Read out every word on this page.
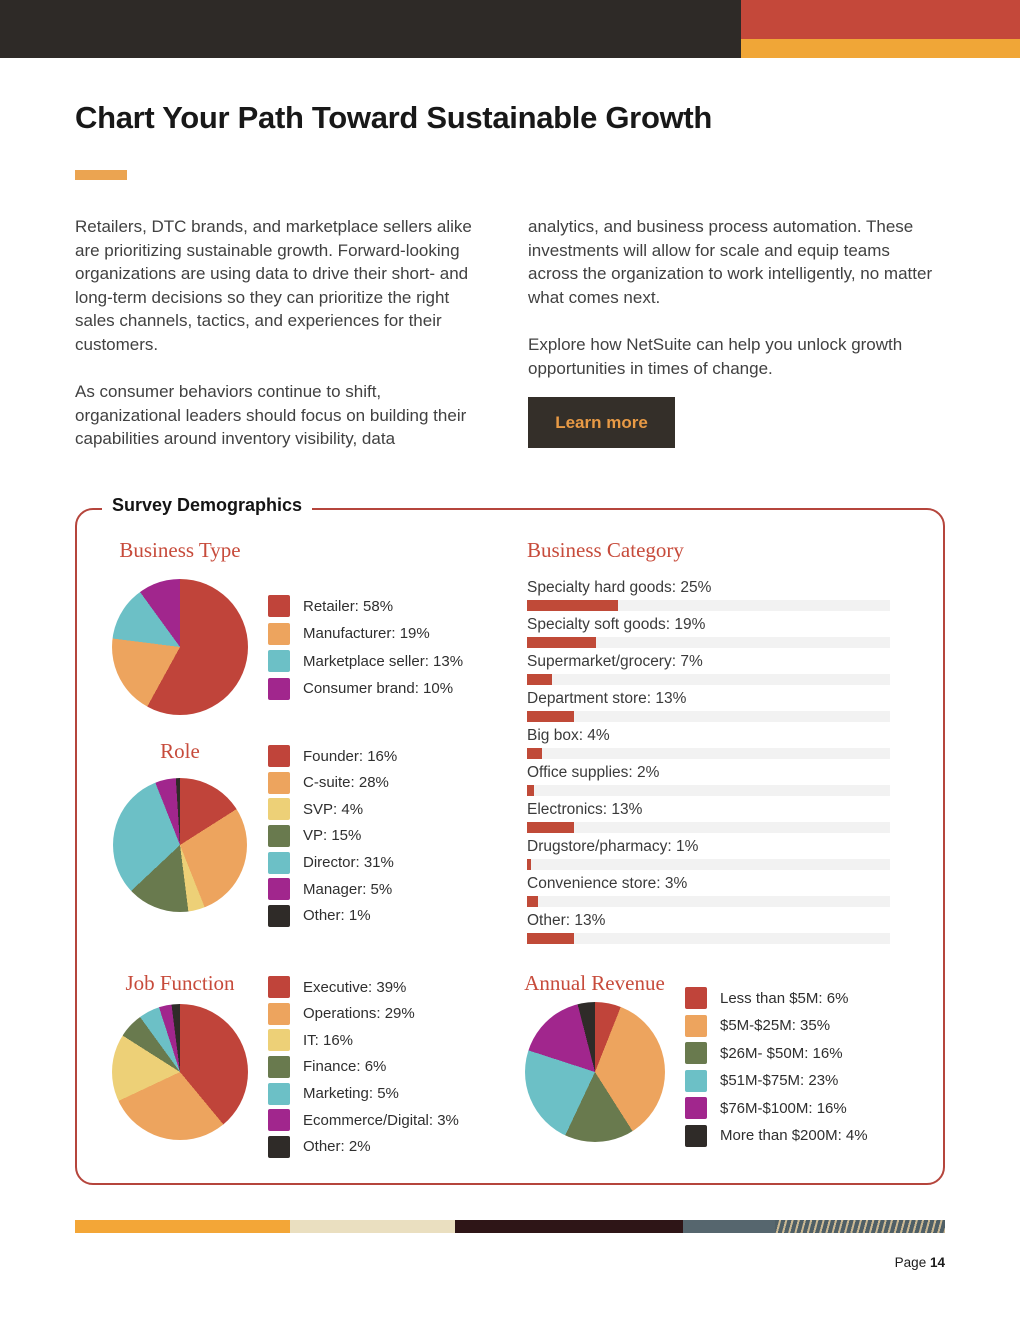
Chart Your Path Toward Sustainable Growth

Retailers, DTC brands, and marketplace sellers alike are prioritizing sustainable growth. Forward-looking organizations are using data to drive their short- and long-term decisions so they can prioritize the right sales channels, tactics, and experiences for their customers.

As consumer behaviors continue to shift, organizational leaders should focus on building their capabilities around inventory visibility, data

analytics, and business process automation. These investments will allow for scale and equip teams across the organization to work intelligently, no matter what comes next.

Explore how NetSuite can help you unlock growth opportunities in times of change.

Learn more
Survey Demographics
Business Type
Retailer: 58%
Manufacturer: 19%
Marketplace seller: 13%
Consumer brand: 10%
Business Category
Specialty hard goods: 25%
Specialty soft goods: 19%
Supermarket/grocery: 7%
Department store: 13%
Big box: 4%
Office supplies: 2%
Electronics: 13%
Drugstore/pharmacy: 1%
Convenience store: 3%
Other: 13%
Role	Founder: 16%
C-suite: 28%
SVP: 4%
VP: 15%
Director: 31%
Manager: 5%
Other: 1%
Job Function	Executive: 39%
Operations: 29%
IT: 16%
Finance: 6%
Marketing: 5%
Ecommerce/Digital: 3%
Other: 2%
Annual Revenue
Less than $5M: 6%
$5M-$25M: 35%
$26M- $50M: 16%
$51M-$75M: 23%
$76M-$100M: 16%
More than $200M: 4%
Page 14
